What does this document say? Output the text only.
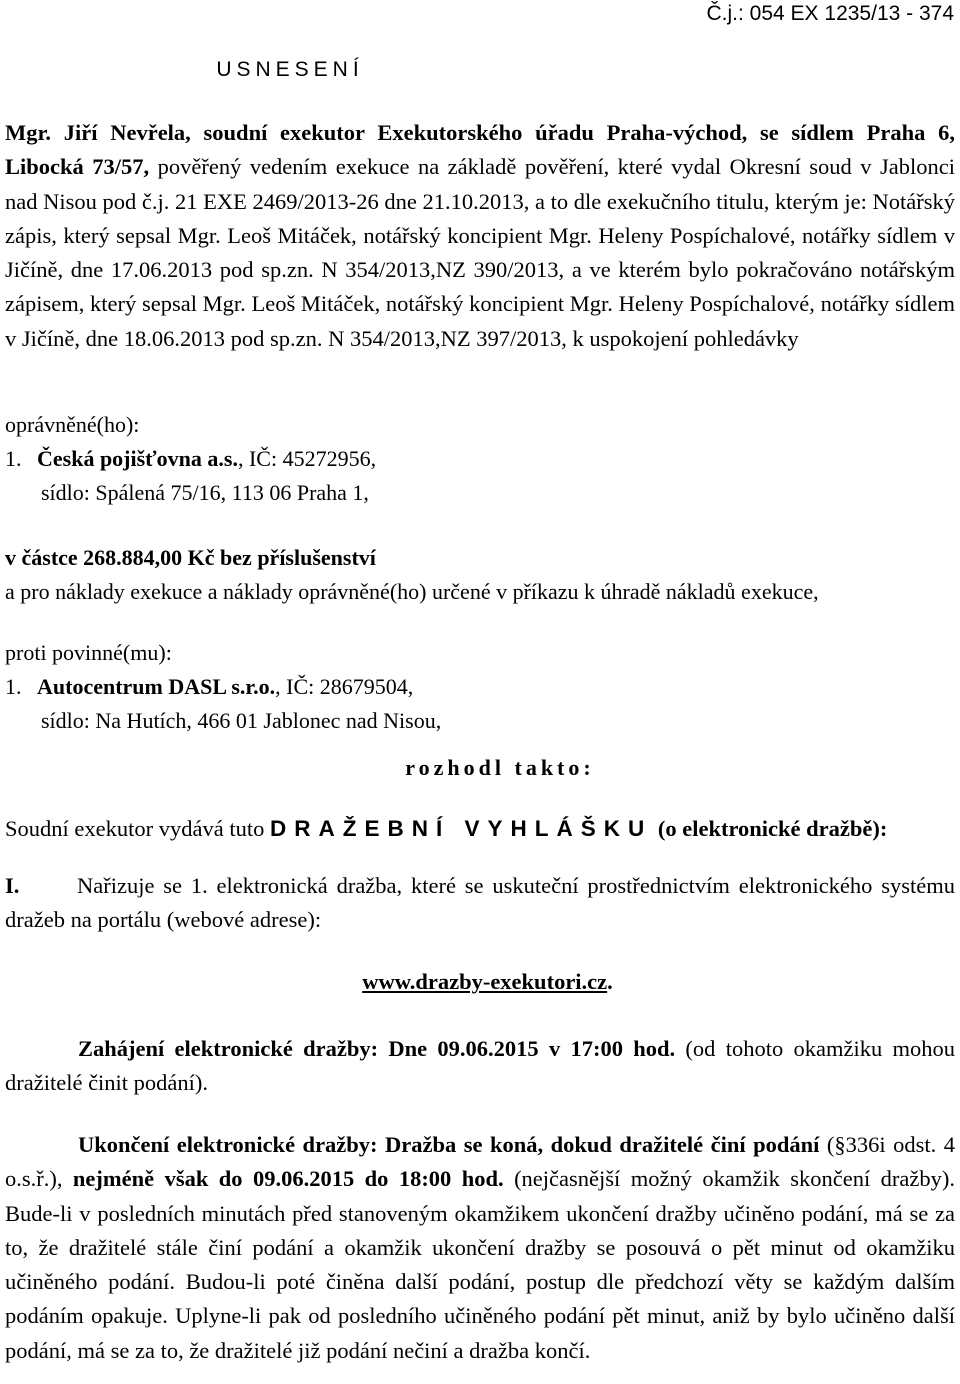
Č.j.: 054 EX 1235/13 - 374
USNESENÍ
Mgr. Jiří Nevřela, soudní exekutor Exekutorského úřadu Praha-východ, se sídlem Praha 6, Libocká 73/57, pověřený vedením exekuce na základě pověření, které vydal Okresní soud v Jablonci nad Nisou pod č.j. 21 EXE 2469/2013-26 dne 21.10.2013, a to dle exekučního titulu, kterým je: Notářský zápis, který sepsal Mgr. Leoš Mitáček, notářský koncipient Mgr. Heleny Pospíchalové, notářky sídlem v Jičíně, dne 17.06.2013 pod sp.zn. N 354/2013,NZ 390/2013, a ve kterém bylo pokračováno notářským zápisem, který sepsal Mgr. Leoš Mitáček, notářský koncipient Mgr. Heleny Pospíchalové, notářky sídlem v Jičíně, dne 18.06.2013 pod sp.zn. N 354/2013,NZ 397/2013, k uspokojení pohledávky
oprávněné(ho):
1. Česká pojišťovna a.s., IČ: 45272956,
sídlo: Spálená 75/16, 113 06 Praha 1,
v částce 268.884,00 Kč bez příslušenství
a pro náklady exekuce a náklady oprávněné(ho) určené v příkazu k úhradě nákladů exekuce,
proti povinné(mu):
1. Autocentrum DASL s.r.o., IČ: 28679504,
sídlo: Na Hutích, 466 01 Jablonec nad Nisou,
rozhodl takto:
Soudní exekutor vydává tuto DRAŽEBNÍ VYHLÁŠKU (o elektronické dražbě):
I.	Nařizuje se 1. elektronická dražba, které se uskuteční prostřednictvím elektronického systému dražeb na portálu (webové adrese):
www.drazby-exekutori.cz.
Zahájení elektronické dražby: Dne 09.06.2015 v 17:00 hod. (od tohoto okamžiku mohou dražitelé činit podání).
Ukončení elektronické dražby: Dražba se koná, dokud dražitelé činí podání (§336i odst. 4 o.s.ř.), nejméně však do 09.06.2015 do 18:00 hod. (nejčasnější možný okamžik skončení dražby). Bude-li v posledních minutách před stanoveným okamžikem ukončení dražby učiněno podání, má se za to, že dražitelé stále činí podání a okamžik ukončení dražby se posouvá o pět minut od okamžiku učiněného podání. Budou-li poté činěna další podání, postup dle předchozí věty se každým dalším podáním opakuje. Uplyne-li pak od posledního učiněného podání pět minut, aniž by bylo učiněno další podání, má se za to, že dražitelé již podání nečiní a dražba končí.
